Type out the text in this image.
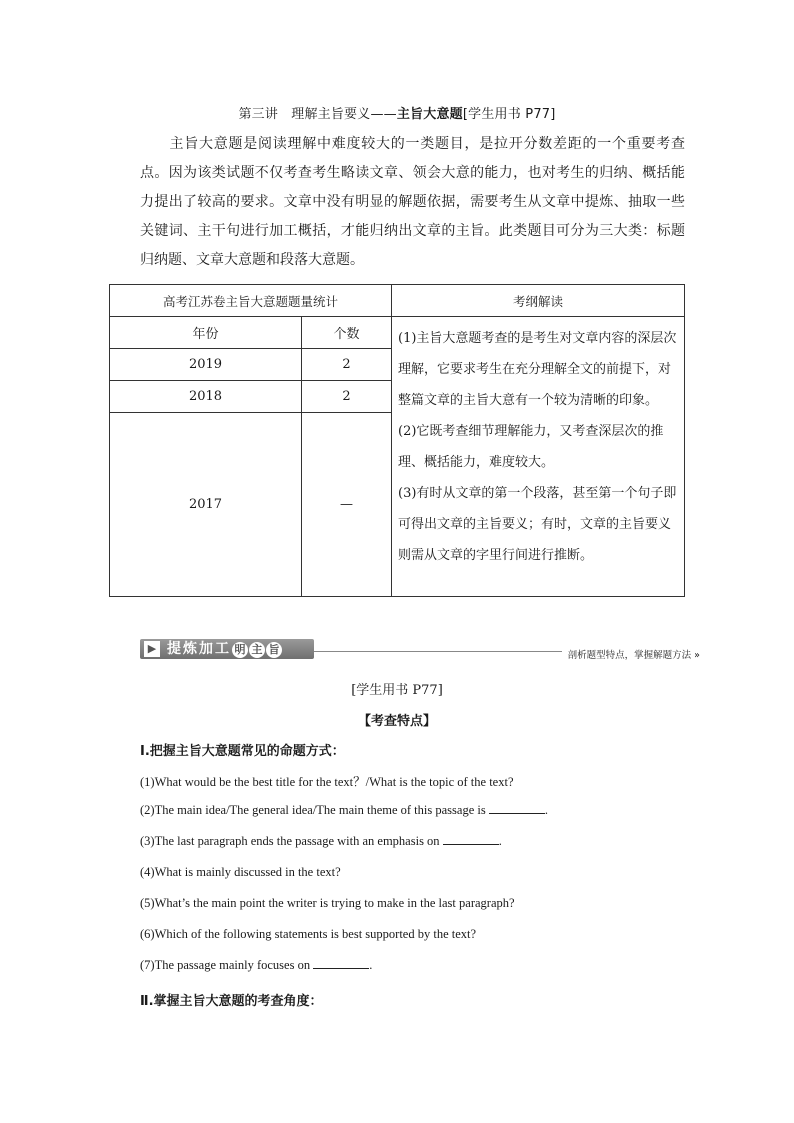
第三讲　理解主旨要义——主旨大意题[学生用书 P77]

　　主旨大意题是阅读理解中难度较大的一类题目，是拉开分数差距的一个重要考查点。因为该类试题不仅考查考生略读文章、领会大意的能力，也对考生的归纳、概括能力提出了较高的要求。文章中没有明显的解题依据，需要考生从文章中提炼、抽取一些关键词、主干句进行加工概括，才能归纳出文章的主旨。此类题目可分为三大类：标题归纳题、文章大意题和段落大意题。

高考江苏卷主旨大意题题量统计		考纲解读
年份	个数	(1)主旨大意题考查的是考生对文章内容的深层次理解，它要求考生在充分理解全文的前提下，对整篇文章的主旨大意有一个较为清晰的印象。

(2)它既考查细节理解能力，又考查深层次的推理、概括能力，难度较大。

(3)有时从文章的第一个段落，甚至第一个句子即可得出文章的主旨要义；有时，文章的主旨要义则需从文章的字里行间进行推断。

2019	2	
2018	2	
2017	—	
▶ 提炼加工 明 主 旨	剖析题型特点，掌握解题方法 »
[学生用书 P77]
【考查特点】
Ⅰ.把握主旨大意题常见的命题方式：
(1)What would be the best title for the text？/What is the topic of the text?
(2)The main idea/The general idea/The main theme of this passage is	.
(3)The last paragraph ends the passage with an emphasis on	.
(4)What is mainly discussed in the text?
(5)What’s the main point the writer is trying to make in the last paragraph?
(6)Which of the following statements is best supported by the text?
(7)The passage mainly focuses on	.
Ⅱ.掌握主旨大意题的考查角度：
